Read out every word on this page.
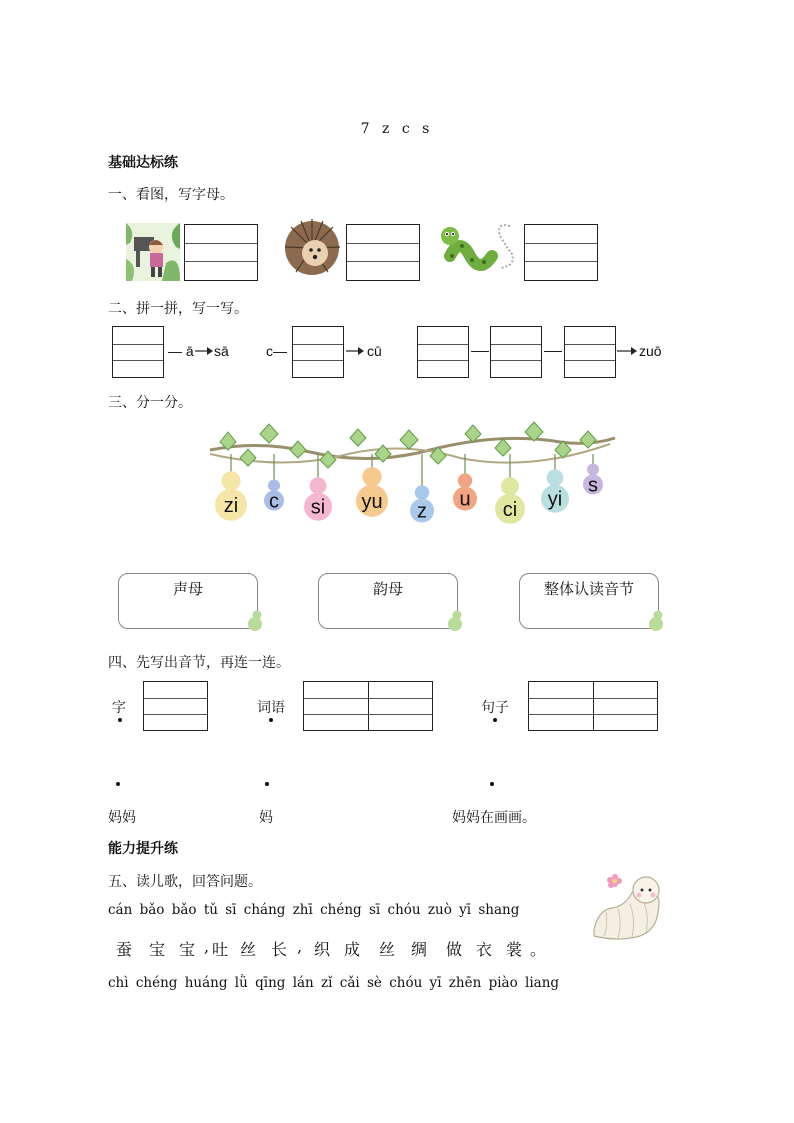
7 z c s
基础达标练
一、看图，写字母。
二、拼一拼，写一写。
— ā sā	c—	cū	zuō
三、分一分。
zi c si yu z
u ci yi
s
声母	韵母	整体认读音节
四、先写出音节，再连一连。
字	词语	句子
妈妈	妈	妈妈在画画。
能力提升练
五、读儿歌，回答问题。
cán bǎo bǎo tǔ sī cháng zhī chéng sī chóu zuò yī shang
蚕 宝 宝 , 吐 丝 长 , 织 成 丝 绸 做 衣 裳 。
chì chéng huáng lǜ qīng lán zǐ cǎi sè chóu yī zhēn piào liang
